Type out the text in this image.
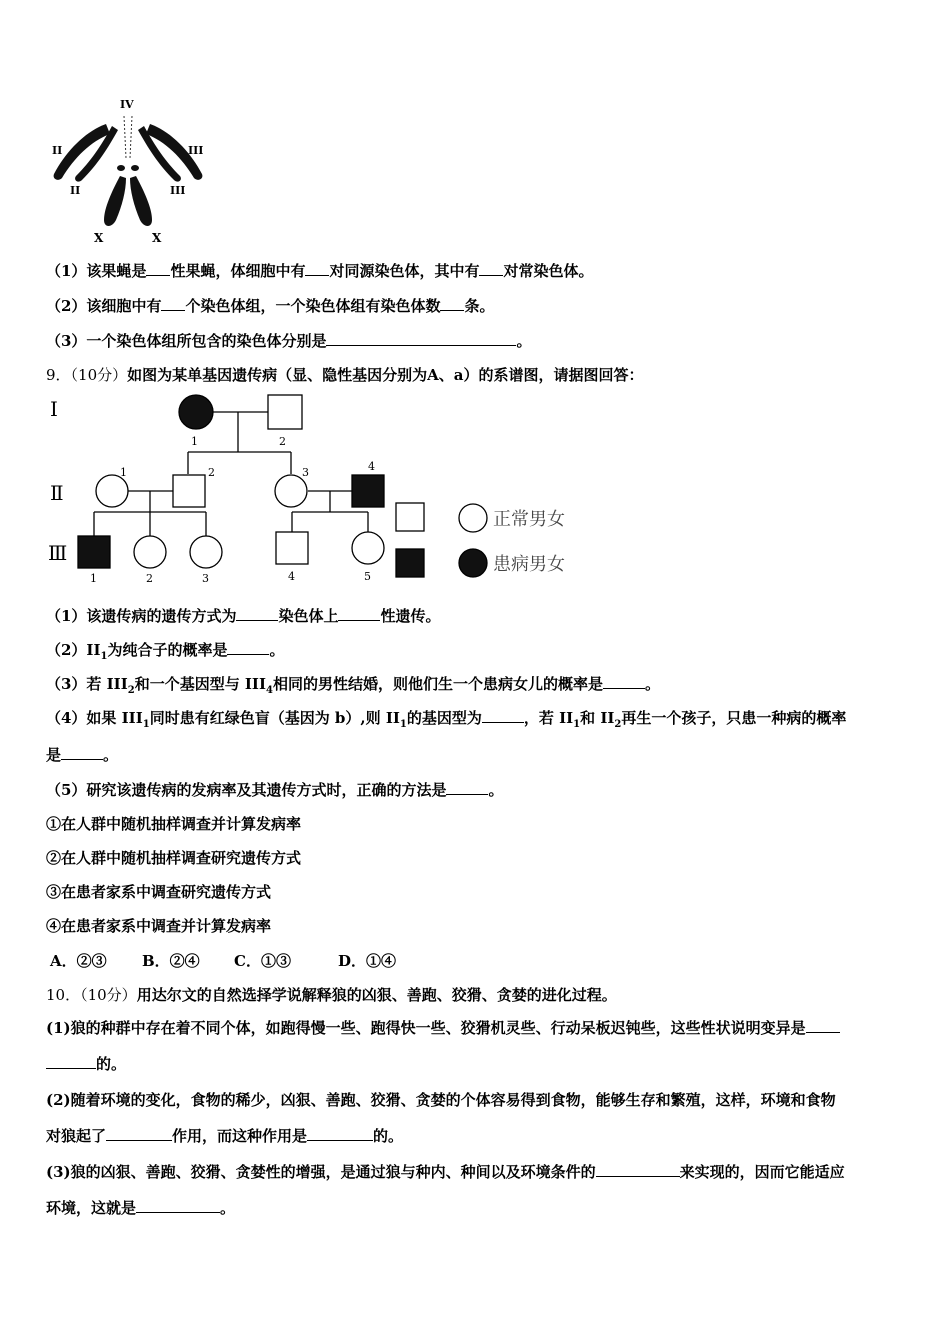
IV
II	III
II	III
X	X
（1）该果蝇是 性果蝇，体细胞中有 对同源染色体，其中有 对常染色体。
（2）该细胞中有 个染色体组，一个染色体组有染色体数 条。
（3）一个染色体组所包含的染色体分别是	。
9．（10分）如图为某单基因遗传病（显、隐性基因分别为A、a）的系谱图，请据图回答：
Ⅰ
Ⅱ
Ⅲ
1	2
1	2	3	4
1	2	3	4	5
正常男女
患病男女
（1）该遗传病的遗传方式为	染色体上	性遗传。
$(2)II_1$为纯合子的概率是	。
（3）若 $III_2$和一个基因型与 $III_4$相同的男性结婚，则他们生一个患病女儿的概率是	。
（4）如果 $III_1$同时患有红绿色盲（基因为 b）,则 $II_1$的基因型为	，若 $II_1$和 $II_2$再生一个孩子，只患一种病的概率
是	。
（5）研究该遗传病的发病率及其遗传方式时，正确的方法是	。
①在人群中随机抽样调查并计算发病率
②在人群中随机抽样调查研究遗传方式
③在患者家系中调查研究遗传方式
④在患者家系中调查并计算发病率
A．②③ B．②④ C．①③	D．①④
10．（10分）用达尔文的自然选择学说解释狼的凶狠、善跑、狡猾、贪婪的进化过程。
(1)狼的种群中存在着不同个体，如跑得慢一些、跑得快一些、狡猾机灵些、行动呆板迟钝些，这些性状说明变异是
的。
(2)随着环境的变化，食物的稀少，凶狠、善跑、狡猾、贪婪的个体容易得到食物，能够生存和繁殖，这样，环境和食物
对狼起了	作用，而这种作用是	的。
(3)狼的凶狠、善跑、狡猾、贪婪性的增强，是通过狼与种内、种间以及环境条件的	来实现的，因而它能适应
环境，这就是	。
